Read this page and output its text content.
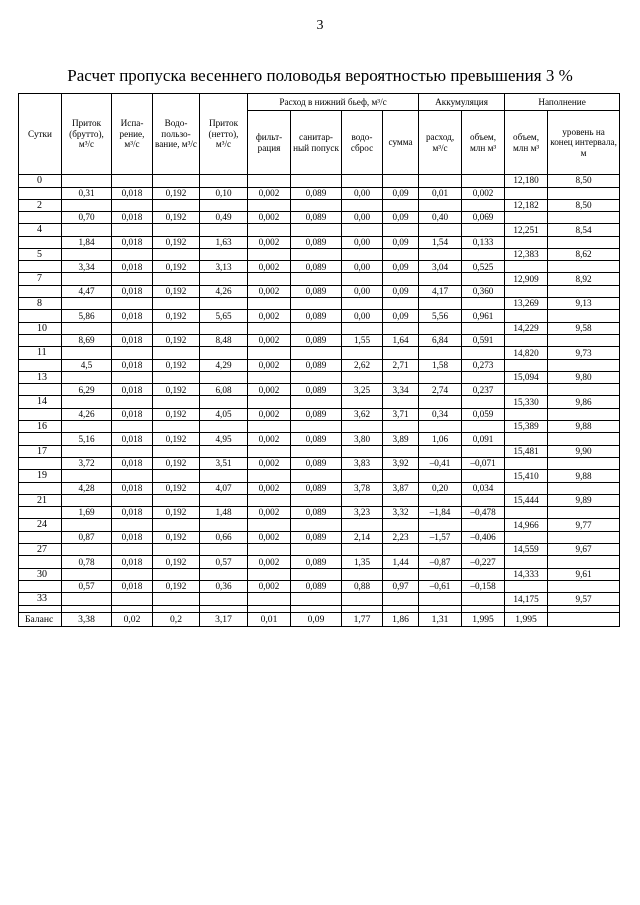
3
Расчет пропуска весеннего половодья вероятностью превышения 3 %
Сутки	Приток (брутто), м³/с	Испа-рение, м³/с	Водо-пользо-вание, м³/с	Приток (нетто), м³/с	Расход в нижний бьеф, м³/с				Аккумуляция		Наполнение	
					фильт-рация	санитар-ный попуск	водо-сброс	сумма	расход, м³/с	объем, млн м³	объем, млн м³	уровень на конец интервала, м
0											12,180	8,50
	0,31	0,018	0,192	0,10	0,002	0,089	0,00	0,09	0,01	0,002		
2											12,182	8,50
	0,70	0,018	0,192	0,49	0,002	0,089	0,00	0,09	0,40	0,069		
4											12,251	8,54
	1,84	0,018	0,192	1,63	0,002	0,089	0,00	0,09	1,54	0,133		
5											12,383	8,62
	3,34	0,018	0,192	3,13	0,002	0,089	0,00	0,09	3,04	0,525		
7											12,909	8,92
	4,47	0,018	0,192	4,26	0,002	0,089	0,00	0,09	4,17	0,360		
8											13,269	9,13
	5,86	0,018	0,192	5,65	0,002	0,089	0,00	0,09	5,56	0,961		
10											14,229	9,58
	8,69	0,018	0,192	8,48	0,002	0,089	1,55	1,64	6,84	0,591		
11											14,820	9,73
	4,5	0,018	0,192	4,29	0,002	0,089	2,62	2,71	1,58	0,273		
13											15,094	9,80
	6,29	0,018	0,192	6,08	0,002	0,089	3,25	3,34	2,74	0,237		
14											15,330	9,86
	4,26	0,018	0,192	4,05	0,002	0,089	3,62	3,71	0,34	0,059		
16											15,389	9,88
	5,16	0,018	0,192	4,95	0,002	0,089	3,80	3,89	1,06	0,091		
17											15,481	9,90
	3,72	0,018	0,192	3,51	0,002	0,089	3,83	3,92	–0,41	–0,071		
19											15,410	9,88
	4,28	0,018	0,192	4,07	0,002	0,089	3,78	3,87	0,20	0,034		
21											15,444	9,89
	1,69	0,018	0,192	1,48	0,002	0,089	3,23	3,32	–1,84	–0,478		
24											14,966	9,77
	0,87	0,018	0,192	0,66	0,002	0,089	2,14	2,23	–1,57	–0,406		
27											14,559	9,67
	0,78	0,018	0,192	0,57	0,002	0,089	1,35	1,44	–0,87	–0,227		
30											14,333	9,61
	0,57	0,018	0,192	0,36	0,002	0,089	0,88	0,97	–0,61	–0,158		
33											14,175	9,57

Баланс	3,38	0,02	0,2	3,17	0,01	0,09	1,77	1,86	1,31	1,995	1,995	
